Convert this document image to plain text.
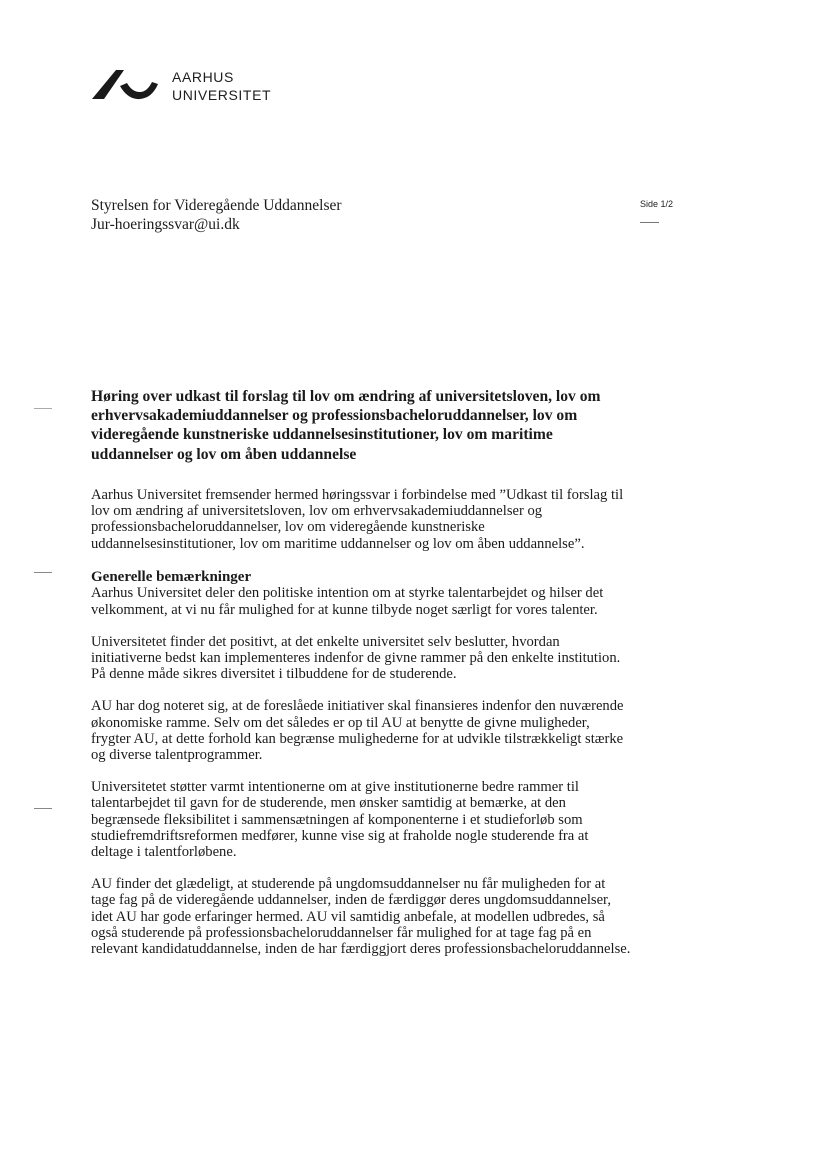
AARHUS
UNIVERSITET
Styrelsen for Videregående Uddannelser
Jur-hoeringssvar@ui.dk
Side 1/2
Høring over udkast til forslag til lov om ændring af universitetsloven, lov om erhvervsakademiuddannelser og professionsbacheloruddannelser, lov om videregående kunstneriske uddannelsesinstitutioner, lov om maritime uddannelser og lov om åben uddannelse

Aarhus Universitet fremsender hermed høringssvar i forbindelse med ”Udkast til forslag til lov om ændring af universitetsloven, lov om erhvervsakademiuddannelser og professionsbacheloruddannelser, lov om videregående kunstneriske uddannelsesinstitutioner, lov om maritime uddannelser og lov om åben uddannelse”.

Generelle bemærkninger

Aarhus Universitet deler den politiske intention om at styrke talentarbejdet og hilser det velkomment, at vi nu får mulighed for at kunne tilbyde noget særligt for vores talenter.

Universitetet finder det positivt, at det enkelte universitet selv beslutter, hvordan initiativerne bedst kan implementeres indenfor de givne rammer på den enkelte institution. På denne måde sikres diversitet i tilbuddene for de studerende.

AU har dog noteret sig, at de foreslåede initiativer skal finansieres indenfor den nuværende økonomiske ramme. Selv om det således er op til AU at benytte de givne muligheder, frygter AU, at dette forhold kan begrænse mulighederne for at udvikle tilstrækkeligt stærke og diverse talentprogrammer.

Universitetet støtter varmt intentionerne om at give institutionerne bedre rammer til talentarbejdet til gavn for de studerende, men ønsker samtidig at bemærke, at den begrænsede fleksibilitet i sammensætningen af komponenterne i et studieforløb som studiefremdriftsreformen medfører, kunne vise sig at fraholde nogle studerende fra at deltage i talentforløbene.

AU finder det glædeligt, at studerende på ungdomsuddannelser nu får muligheden for at tage fag på de videregående uddannelser, inden de færdiggør deres ungdomsuddannelser, idet AU har gode erfaringer hermed. AU vil samtidig anbefale, at modellen udbredes, så også studerende på professionsbacheloruddannelser får mulighed for at tage fag på en relevant kandidatuddannelse, inden de har færdiggjort deres professionsbacheloruddannelse.
